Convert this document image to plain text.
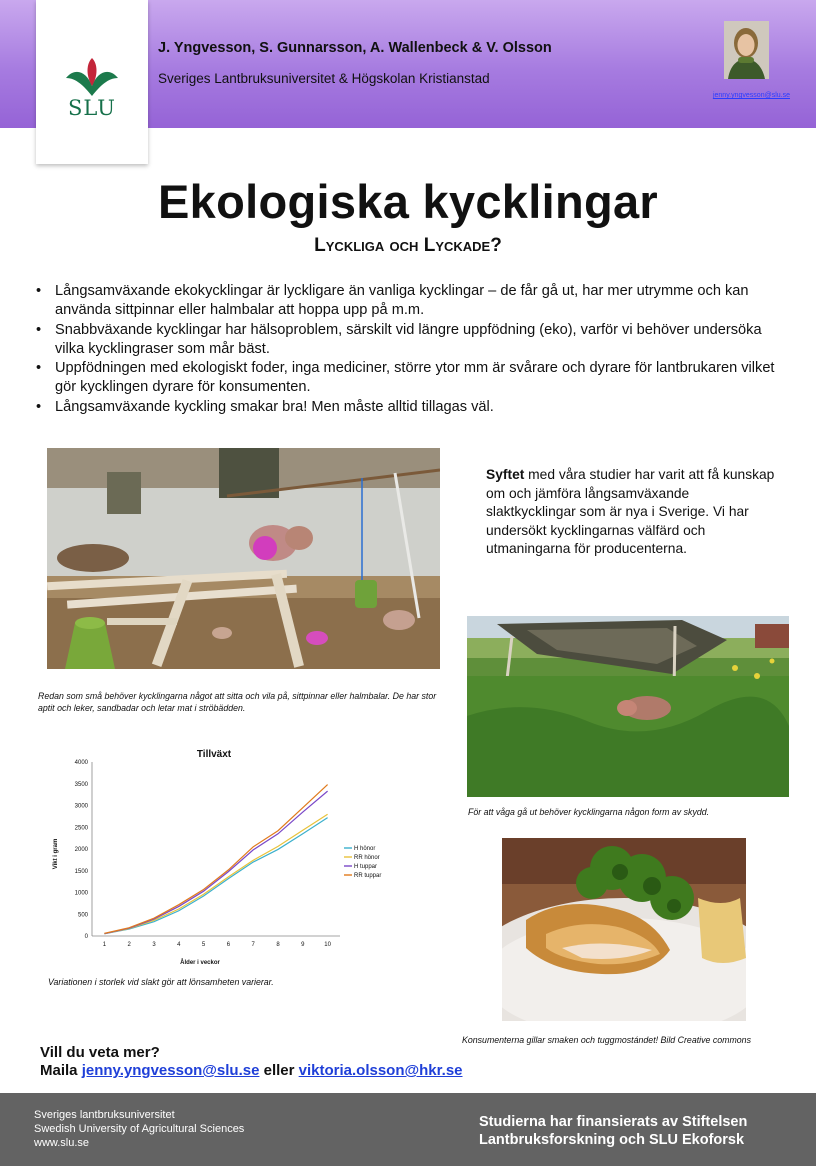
SLU
J. Yngvesson, S. Gunnarsson, A. Wallenbeck & V. Olsson
Sveriges Lantbruksuniversitet & Högskolan Kristianstad
jenny.yngvesson@slu.se
Ekologiska kycklingar
Lyckliga och Lyckade?
• Långsamväxande ekokycklingar är lyckligare än vanliga kycklingar – de får gå ut, har mer utrymme och kan använda sittpinnar eller halmbalar att hoppa upp på m.m.
• Snabbväxande kycklingar har hälsoproblem, särskilt vid längre uppfödning (eko), varför vi behöver undersöka vilka kycklingraser som mår bäst.
• Uppfödningen med ekologiskt foder, inga mediciner, större ytor mm är svårare och dyrare för lantbrukaren vilket gör kycklingen dyrare för konsumenten.
• Långsamväxande kyckling smakar bra! Men måste alltid tillagas väl.
Redan som små behöver kycklingarna något att sitta och vila på, sittpinnar eller halmbalar. De har stor aptit och leker, sandbadar och letar mat i ströbädden.
Syftet med våra studier har varit att få kunskap om och jämföra långsamväxande slaktkycklingar som är nya i Sverige. Vi har undersökt kycklingarnas välfärd och utmaningarna för producenterna.
För att våga gå ut behöver kycklingarna någon form av skydd.
Tillväxt
0
500
1000
1500
2000
2500
3000
3500
4000
1	2	3	4	5	6	7	8	9	10
H hönor
RR hönor
H tuppar
RR tuppar
Ålder i veckor
Vikt i gram
Variationen i storlek vid slakt gör att lönsamheten varierar.
Konsumenterna gillar smaken och tuggmostándet! Bild Creative commons
Vill du veta mer?
Maila jenny.yngvesson@slu.se eller viktoria.olsson@hkr.se
Sveriges lantbruksuniversitet
Swedish University of Agricultural Sciences
www.slu.se
Studierna har finansierats av Stiftelsen
Lantbruksforskning och SLU Ekoforsk
